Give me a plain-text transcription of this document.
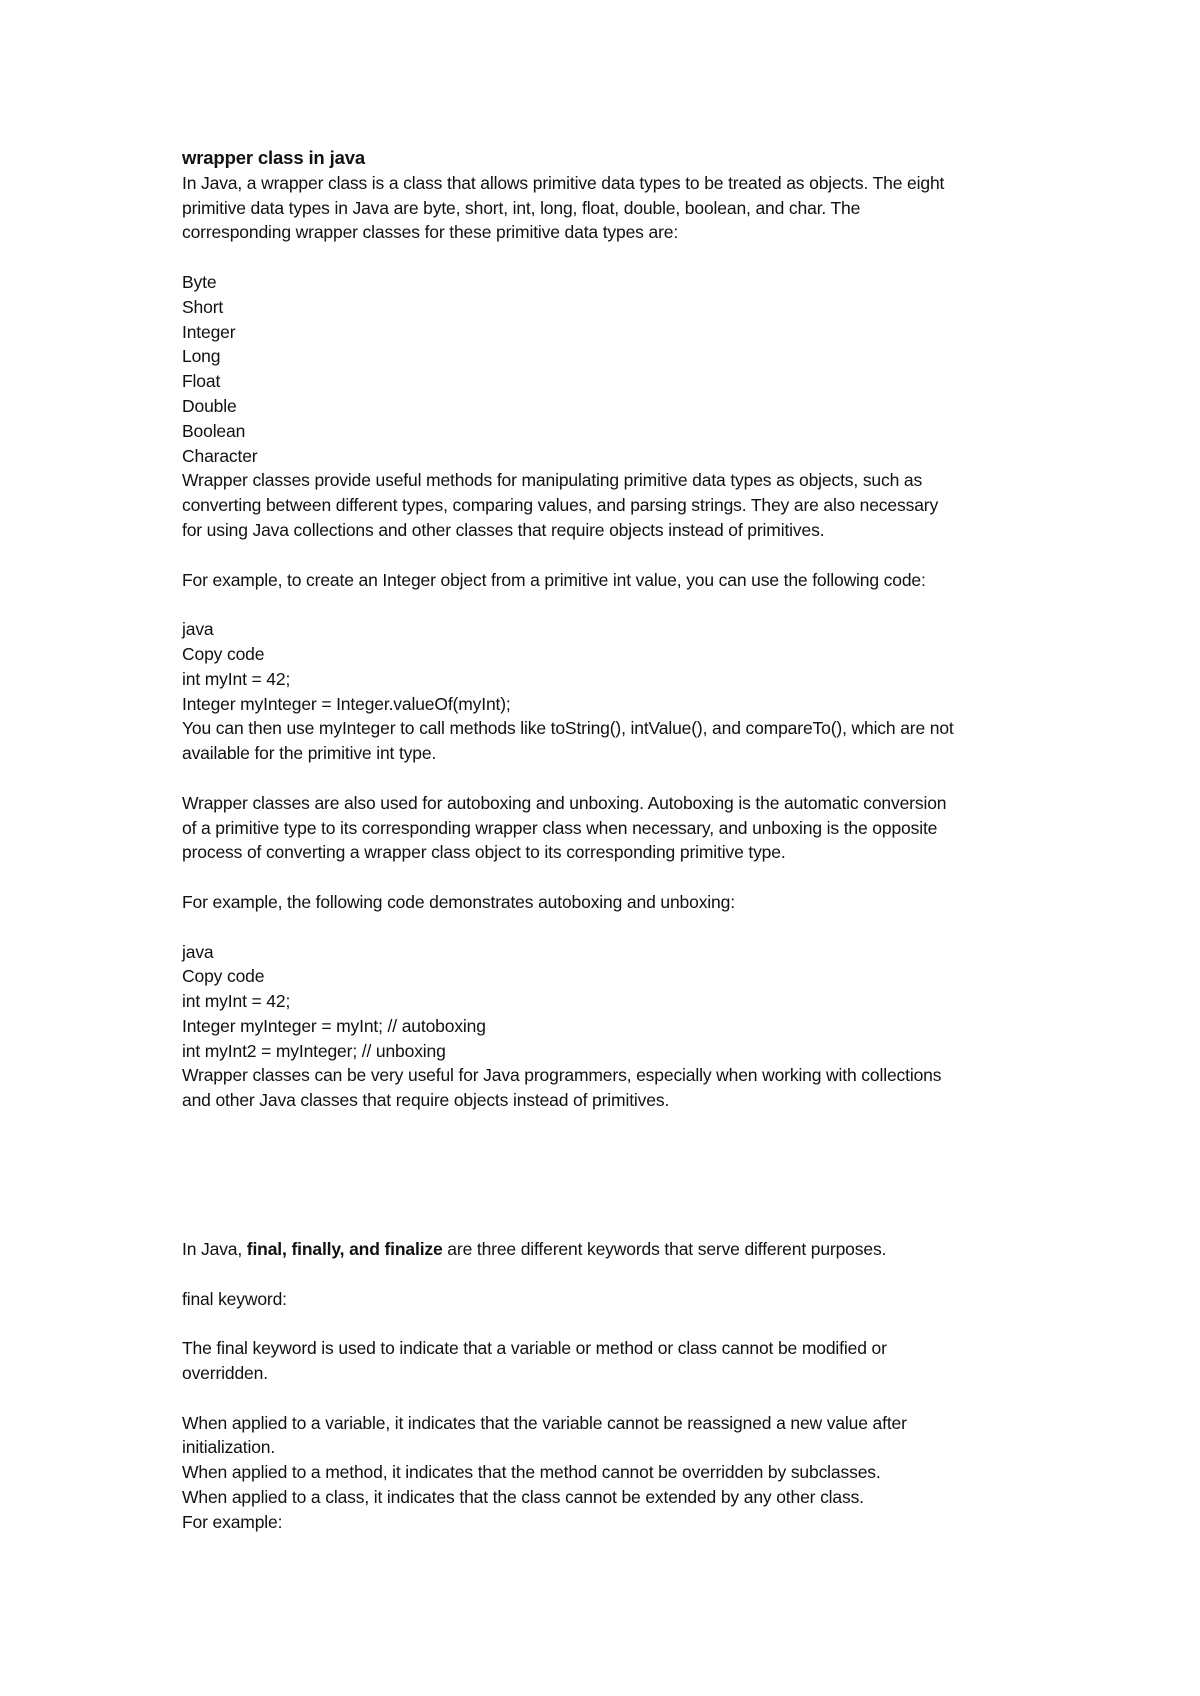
wrapper class in java
In Java, a wrapper class is a class that allows primitive data types to be treated as objects. The eight
primitive data types in Java are byte, short, int, long, float, double, boolean, and char. The
corresponding wrapper classes for these primitive data types are:
Byte
Short
Integer
Long
Float
Double
Boolean
Character
Wrapper classes provide useful methods for manipulating primitive data types as objects, such as
converting between different types, comparing values, and parsing strings. They are also necessary
for using Java collections and other classes that require objects instead of primitives.
For example, to create an Integer object from a primitive int value, you can use the following code:
java
Copy code
int myInt = 42;
Integer myInteger = Integer.valueOf(myInt);
You can then use myInteger to call methods like toString(), intValue(), and compareTo(), which are not
available for the primitive int type.
Wrapper classes are also used for autoboxing and unboxing. Autoboxing is the automatic conversion
of a primitive type to its corresponding wrapper class when necessary, and unboxing is the opposite
process of converting a wrapper class object to its corresponding primitive type.
For example, the following code demonstrates autoboxing and unboxing:
java
Copy code
int myInt = 42;
Integer myInteger = myInt; // autoboxing
int myInt2 = myInteger; // unboxing
Wrapper classes can be very useful for Java programmers, especially when working with collections
and other Java classes that require objects instead of primitives.
In Java, final, finally, and finalize are three different keywords that serve different purposes.
final keyword:
The final keyword is used to indicate that a variable or method or class cannot be modified or
overridden.
When applied to a variable, it indicates that the variable cannot be reassigned a new value after
initialization.
When applied to a method, it indicates that the method cannot be overridden by subclasses.
When applied to a class, it indicates that the class cannot be extended by any other class.
For example:
